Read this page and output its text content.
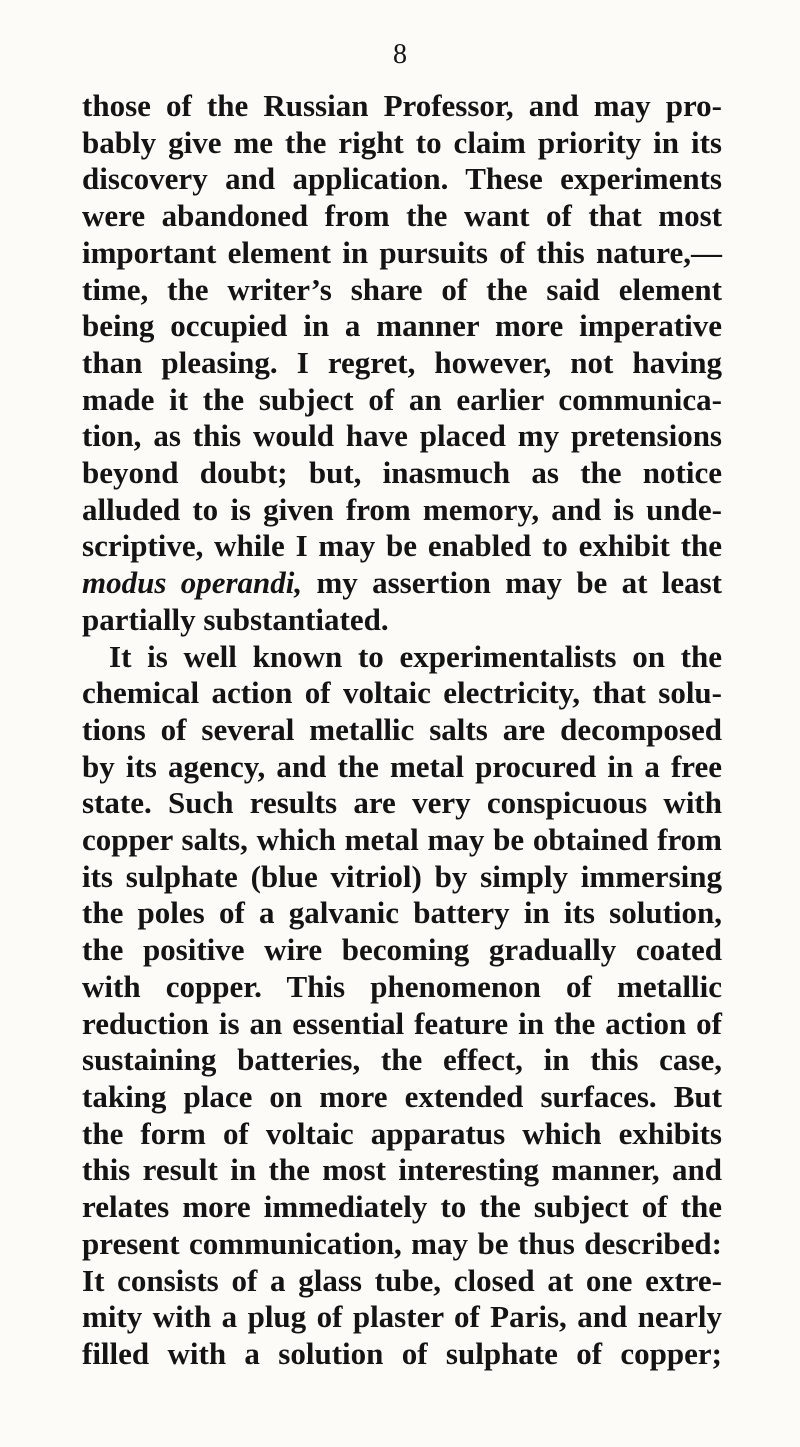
8
those of the Russian Professor, and may pro-
bably give me the right to claim priority in its
discovery and application. These experiments
were abandoned from the want of that most
important element in pursuits of this nature,—
time, the writer’s share of the said element
being occupied in a manner more imperative
than pleasing. I regret, however, not having
made it the subject of an earlier communica-
tion, as this would have placed my pretensions
beyond doubt; but, inasmuch as the notice
alluded to is given from memory, and is unde-
scriptive, while I may be enabled to exhibit the
modus operandi, my assertion may be at least
partially substantiated.
It is well known to experimentalists on the
chemical action of voltaic electricity, that solu-
tions of several metallic salts are decomposed
by its agency, and the metal procured in a free
state. Such results are very conspicuous with
copper salts, which metal may be obtained from
its sulphate (blue vitriol) by simply immersing
the poles of a galvanic battery in its solution,
the positive wire becoming gradually coated
with copper. This phenomenon of metallic
reduction is an essential feature in the action of
sustaining batteries, the effect, in this case,
taking place on more extended surfaces. But
the form of voltaic apparatus which exhibits
this result in the most interesting manner, and
relates more immediately to the subject of the
present communication, may be thus described:
It consists of a glass tube, closed at one extre-
mity with a plug of plaster of Paris, and nearly
filled with a solution of sulphate of copper;
